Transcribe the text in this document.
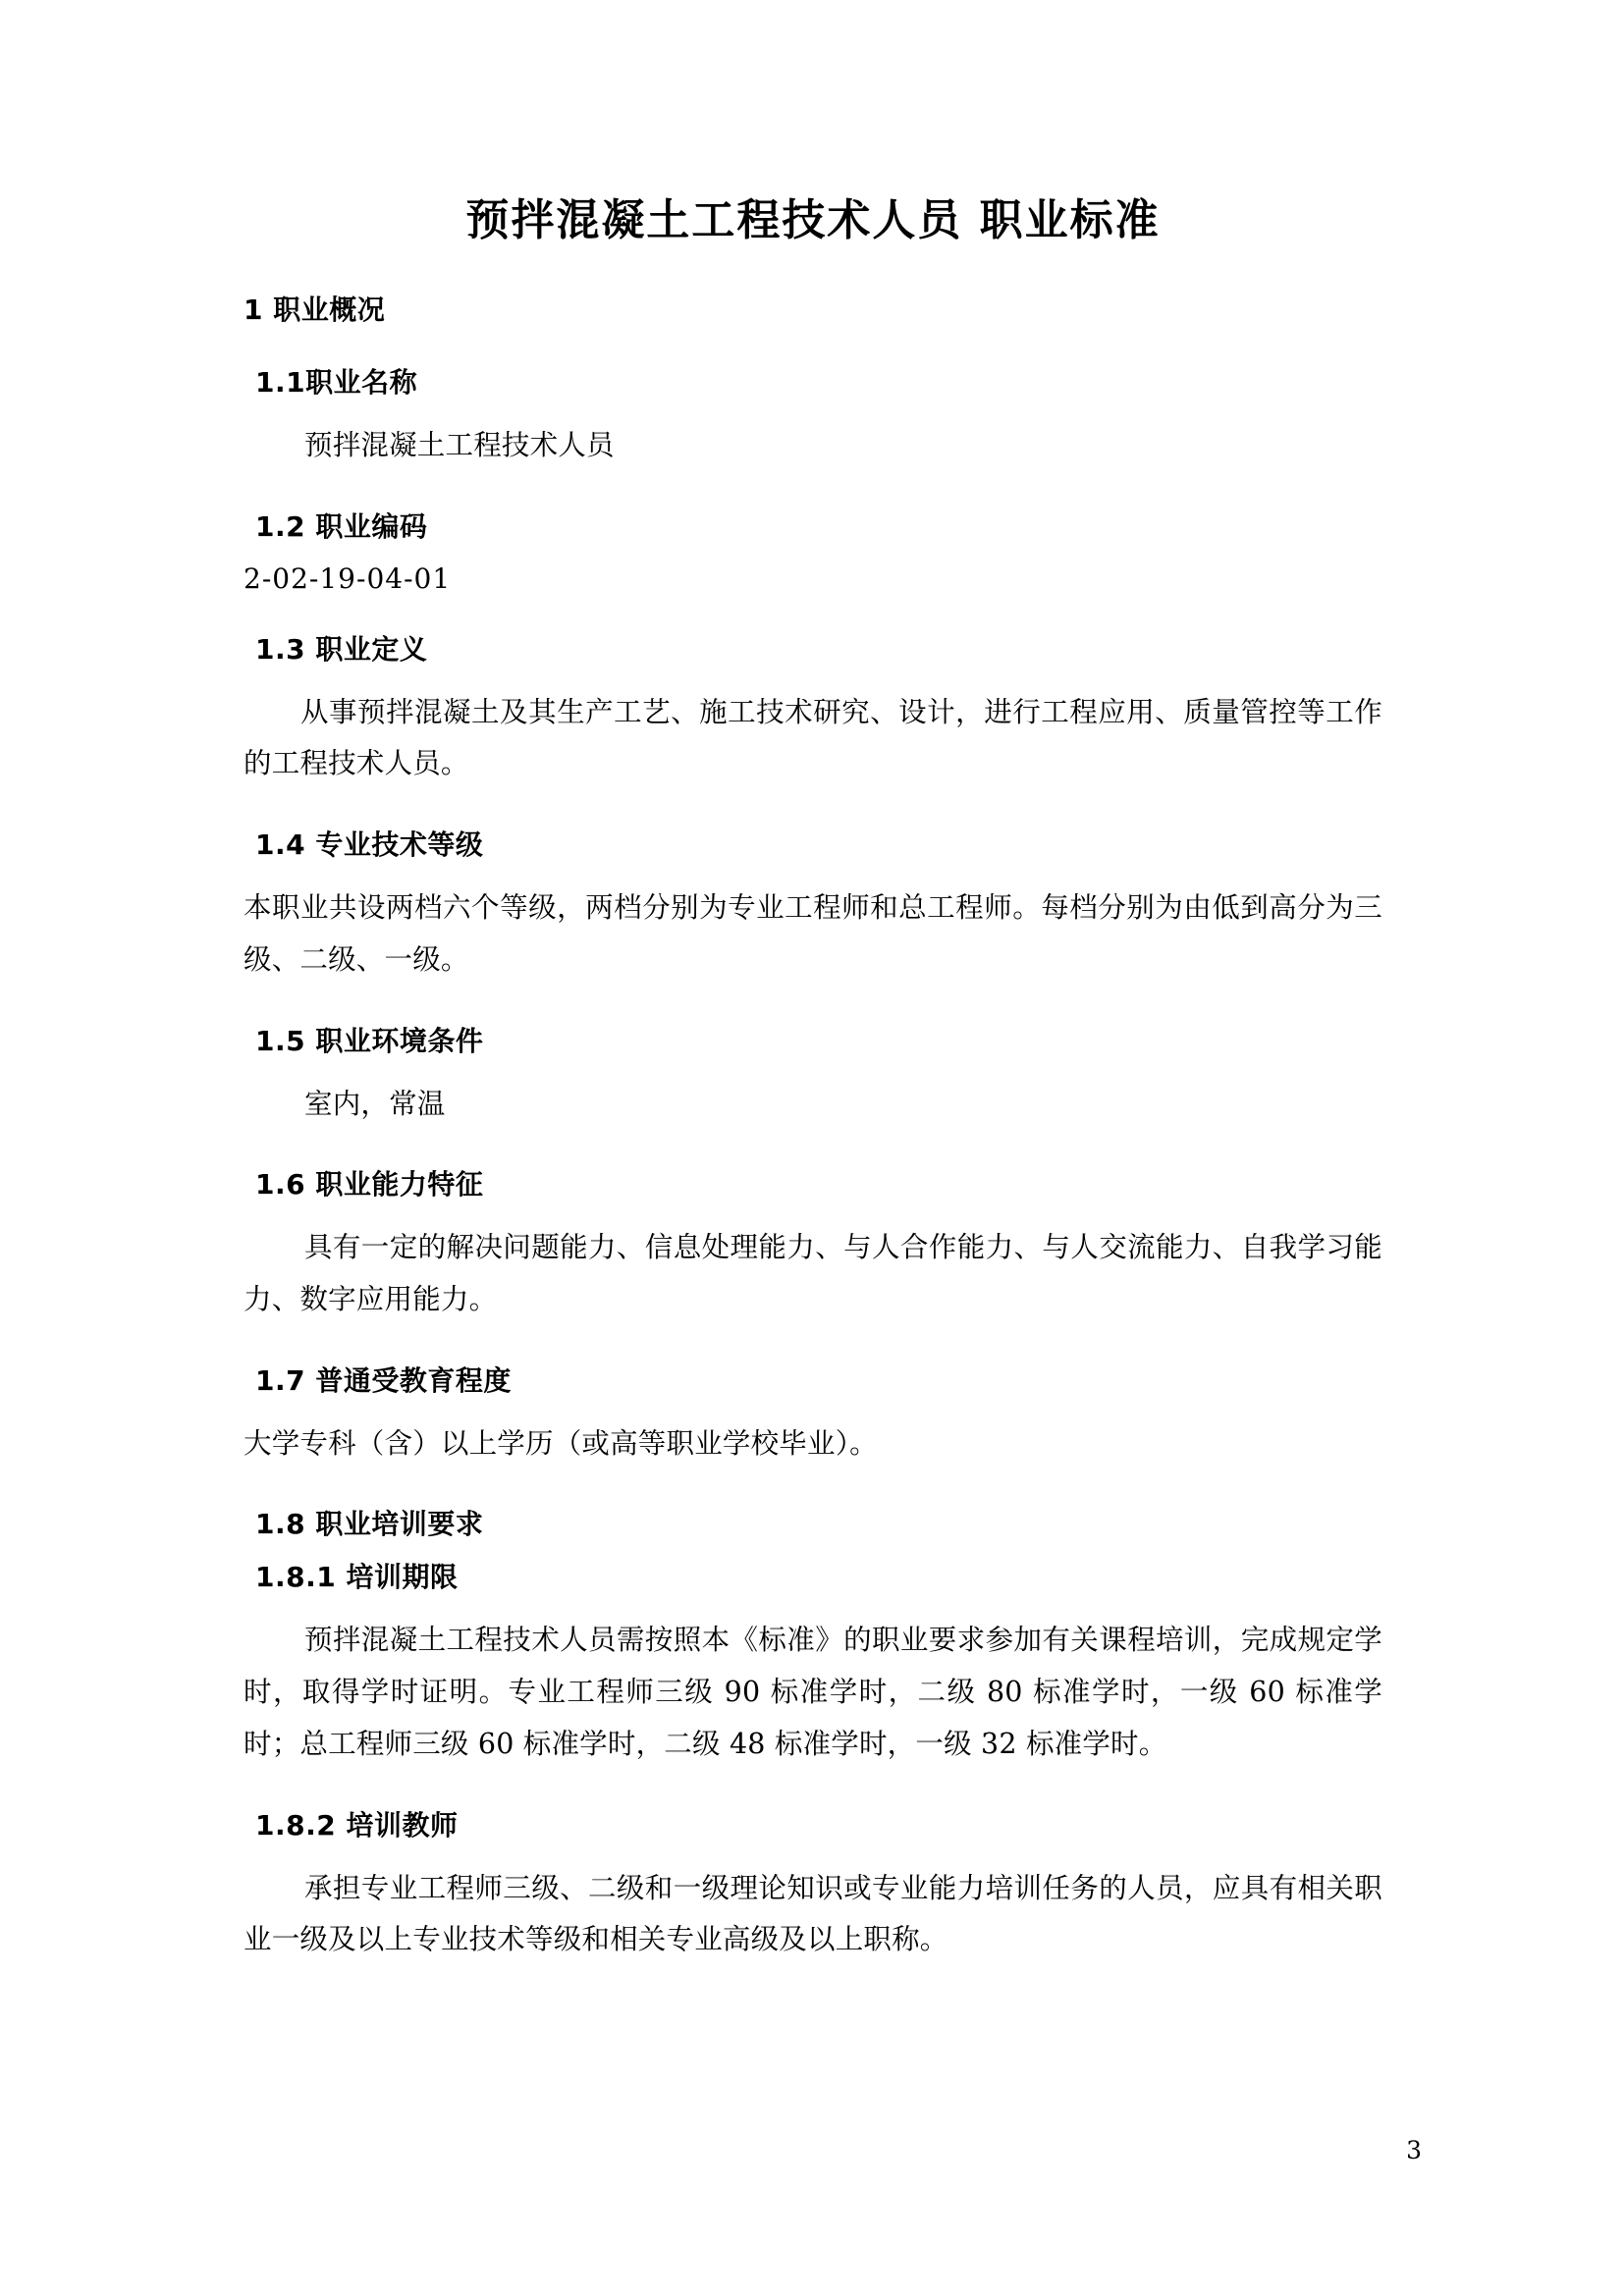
预拌混凝土工程技术人员 职业标准
1 职业概况
1.1职业名称
预拌混凝土工程技术人员
1.2 职业编码
2-02-19-04-01
1.3 职业定义
从事预拌混凝土及其生产工艺、施工技术研究、设计，进行工程应用、质量管控等工作的工程技术人员。
1.4 专业技术等级
本职业共设两档六个等级，两档分别为专业工程师和总工程师。每档分别为由低到高分为三级、二级、一级。
1.5 职业环境条件
室内，常温
1.6 职业能力特征
具有一定的解决问题能力、信息处理能力、与人合作能力、与人交流能力、自我学习能力、数字应用能力。
1.7 普通受教育程度
大学专科（含）以上学历（或高等职业学校毕业）。
1.8 职业培训要求
1.8.1 培训期限
预拌混凝土工程技术人员需按照本《标准》的职业要求参加有关课程培训，完成规定学时，取得学时证明。专业工程师三级 90 标准学时，二级 80 标准学时，一级 60 标准学时；总工程师三级 60 标准学时，二级 48 标准学时，一级 32 标准学时。
1.8.2 培训教师
承担专业工程师三级、二级和一级理论知识或专业能力培训任务的人员，应具有相关职业一级及以上专业技术等级和相关专业高级及以上职称。
3
